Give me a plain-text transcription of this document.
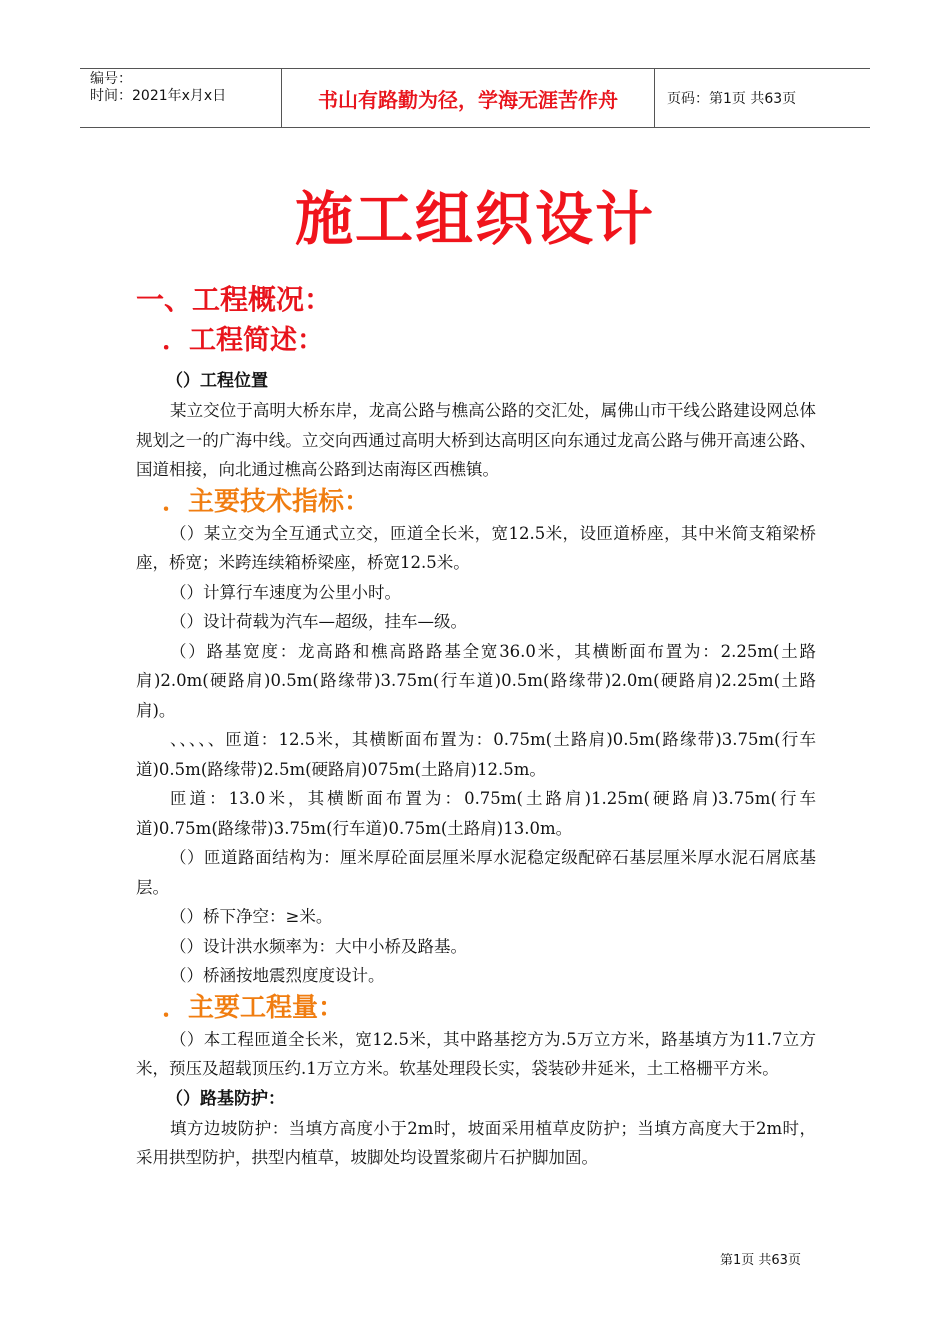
编号：
时间：2021年x月x日	书山有路勤为径，学海无涯苦作舟	页码：第1页 共63页
施工组织设计
一、工程概况：
．工程简述：
（）工程位置

某立交位于高明大桥东岸，龙高公路与樵高公路的交汇处，属佛山市干线公路建设网总体规划之一的广海中线。立交向西通过高明大桥到达高明区向东通过龙高公路与佛开高速公路、国道相接，向北通过樵高公路到达南海区西樵镇。

．主要技术指标：

（）某立交为全互通式立交，匝道全长米，宽12.5米，设匝道桥座，其中米简支箱梁桥座，桥宽；米跨连续箱桥梁座，桥宽12.5米。

（）计算行车速度为公里小时。

（）设计荷载为汽车—超级，挂车—级。

（）路基宽度：龙高路和樵高路路基全宽36.0米，其横断面布置为：2.25m(土路肩)2.0m(硬路肩)0.5m(路缘带)3.75m(行车道)0.5m(路缘带)2.0m(硬路肩)2.25m(土路肩)。

、、、、、匝道：12.5米，其横断面布置为：0.75m(土路肩)0.5m(路缘带)3.75m(行车道)0.5m(路缘带)2.5m(硬路肩)075m(土路肩)12.5m。

匝道：13.0米，其横断面布置为：0.75m(土路肩)1.25m(硬路肩)3.75m(行车道)0.75m(路缘带)3.75m(行车道)0.75m(土路肩)13.0m。

（）匝道路面结构为：厘米厚砼面层厘米厚水泥稳定级配碎石基层厘米厚水泥石屑底基层。

（）桥下净空：≥米。

（）设计洪水频率为：大中小桥及路基。

（）桥涵按地震烈度度设计。

．主要工程量：

（）本工程匝道全长米，宽12.5米，其中路基挖方为.5万立方米，路基填方为11.7立方米，预压及超载顶压约.1万立方米。软基处理段长实，袋装砂井延米，土工格栅平方米。

（）路基防护：

填方边坡防护：当填方高度小于2m时，坡面采用植草皮防护；当填方高度大于2m时，采用拱型防护，拱型内植草，坡脚处均设置浆砌片石护脚加固。

第1页 共63页
